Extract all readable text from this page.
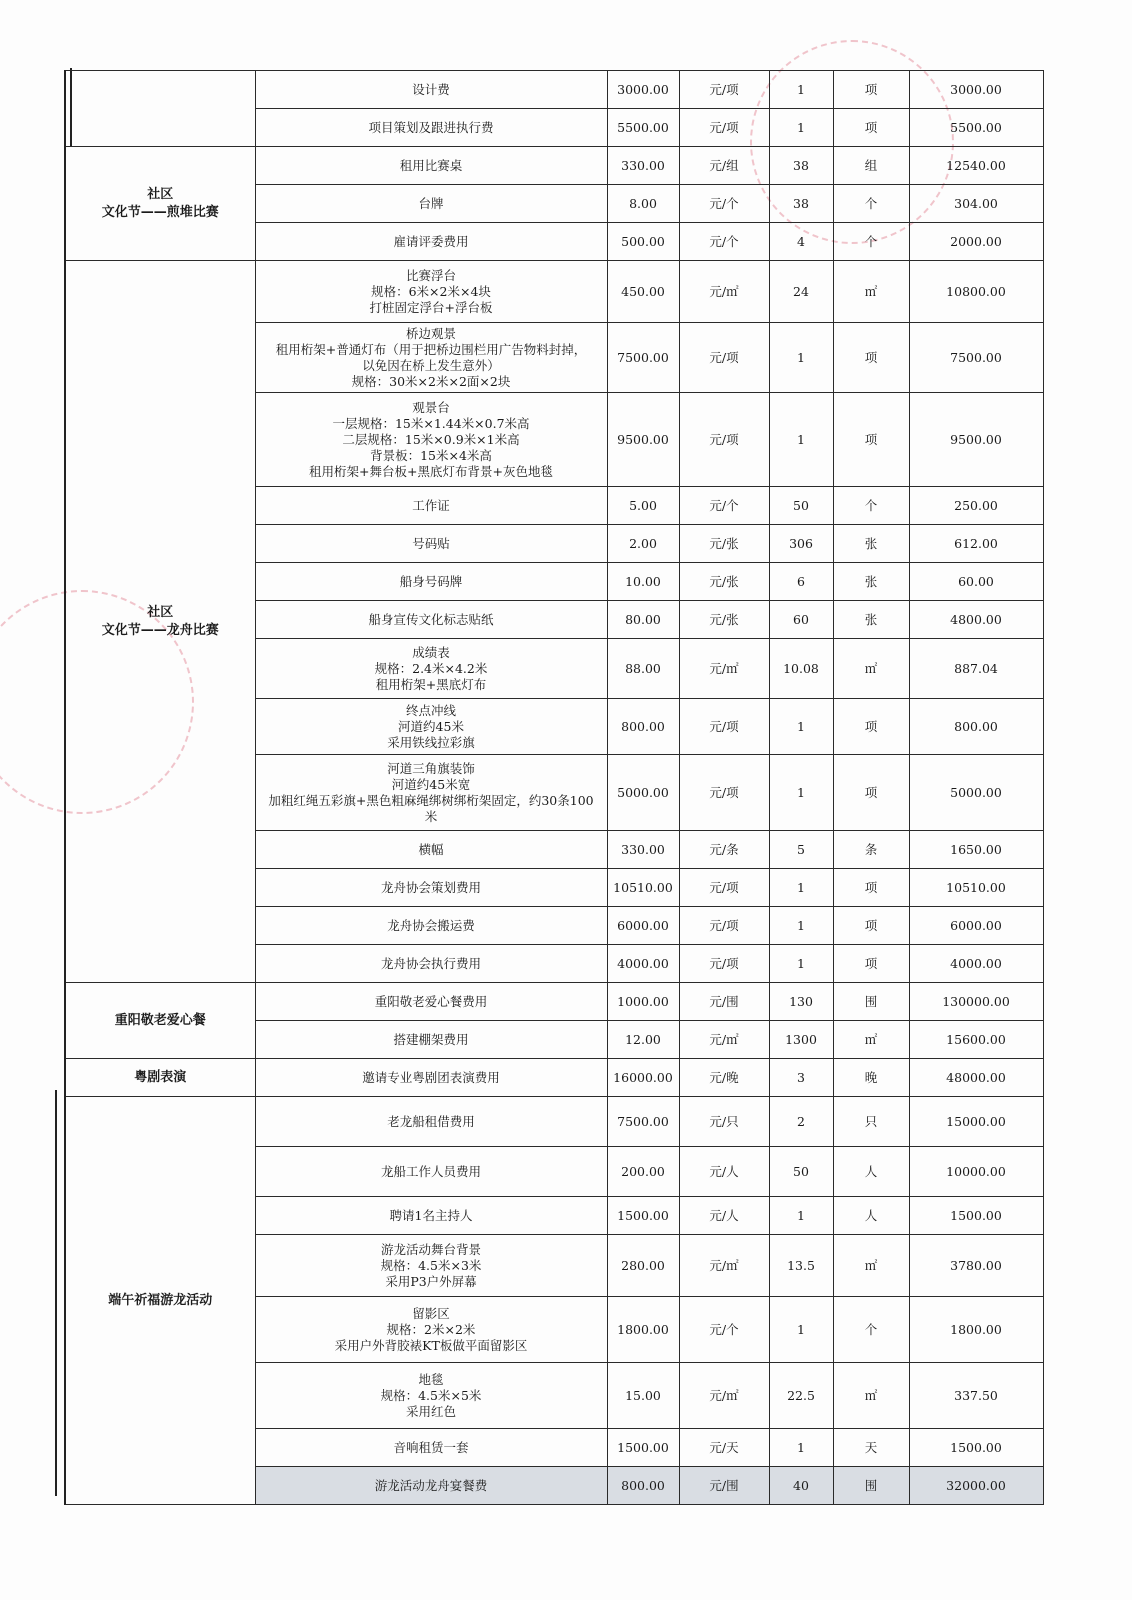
	设计费	3000.00	元/项	1	项	3000.00

	项目策划及跟进执行费	5500.00	元/项	1	项	5500.00

社区
文化节——煎堆比赛	租用比赛桌	330.00	元/组	38	组	12540.00

	台牌	8.00	元/个	38	个	304.00

	雇请评委费用	500.00	元/个	4	个	2000.00

社区
文化节——龙舟比赛	比赛浮台
规格：6米×2米×4块
打桩固定浮台+浮台板	450.00	元/㎡	24	㎡	10800.00

	桥边观景
租用桁架+普通灯布（用于把桥边围栏用广告物料封掉，
以免因在桥上发生意外）
规格：30米×2米×2面×2块	7500.00	元/项	1	项	7500.00

	观景台
一层规格：15米×1.44米×0.7米高
二层规格：15米×0.9米×1米高
背景板：15米×4米高
租用桁架+舞台板+黑底灯布背景+灰色地毯	9500.00	元/项	1	项	9500.00

	工作证	5.00	元/个	50	个	250.00

	号码贴	2.00	元/张	306	张	612.00

	船身号码牌	10.00	元/张	6	张	60.00

	船身宣传文化标志贴纸	80.00	元/张	60	张	4800.00

	成绩表
规格：2.4米×4.2米
租用桁架+黑底灯布	88.00	元/㎡	10.08	㎡	887.04

	终点冲线
河道约45米
采用铁线拉彩旗	800.00	元/项	1	项	800.00

	河道三角旗装饰
河道约45米宽
加粗红绳五彩旗+黑色粗麻绳绑树绑桁架固定，约30条100
米	5000.00	元/项	1	项	5000.00

	横幅	330.00	元/条	5	条	1650.00

	龙舟协会策划费用	10510.00	元/项	1	项	10510.00

	龙舟协会搬运费	6000.00	元/项	1	项	6000.00

	龙舟协会执行费用	4000.00	元/项	1	项	4000.00

重阳敬老爱心餐	重阳敬老爱心餐费用	1000.00	元/围	130	围	130000.00

	搭建棚架费用	12.00	元/㎡	1300	㎡	15600.00

粤剧表演	邀请专业粤剧团表演费用	16000.00	元/晚	3	晚	48000.00

端午祈福游龙活动	老龙船租借费用	7500.00	元/只	2	只	15000.00

	龙船工作人员费用	200.00	元/人	50	人	10000.00

	聘请1名主持人	1500.00	元/人	1	人	1500.00

	游龙活动舞台背景
规格：4.5米×3米
采用P3户外屏幕	280.00	元/㎡	13.5	㎡	3780.00

	留影区
规格：2米×2米
采用户外背胶裱KT板做平面留影区	1800.00	元/个	1	个	1800.00

	地毯
规格：4.5米×5米
采用红色	15.00	元/㎡	22.5	㎡	337.50

	音响租赁一套	1500.00	元/天	1	天	1500.00

	游龙活动龙舟宴餐费	800.00	元/围	40	围	32000.00
